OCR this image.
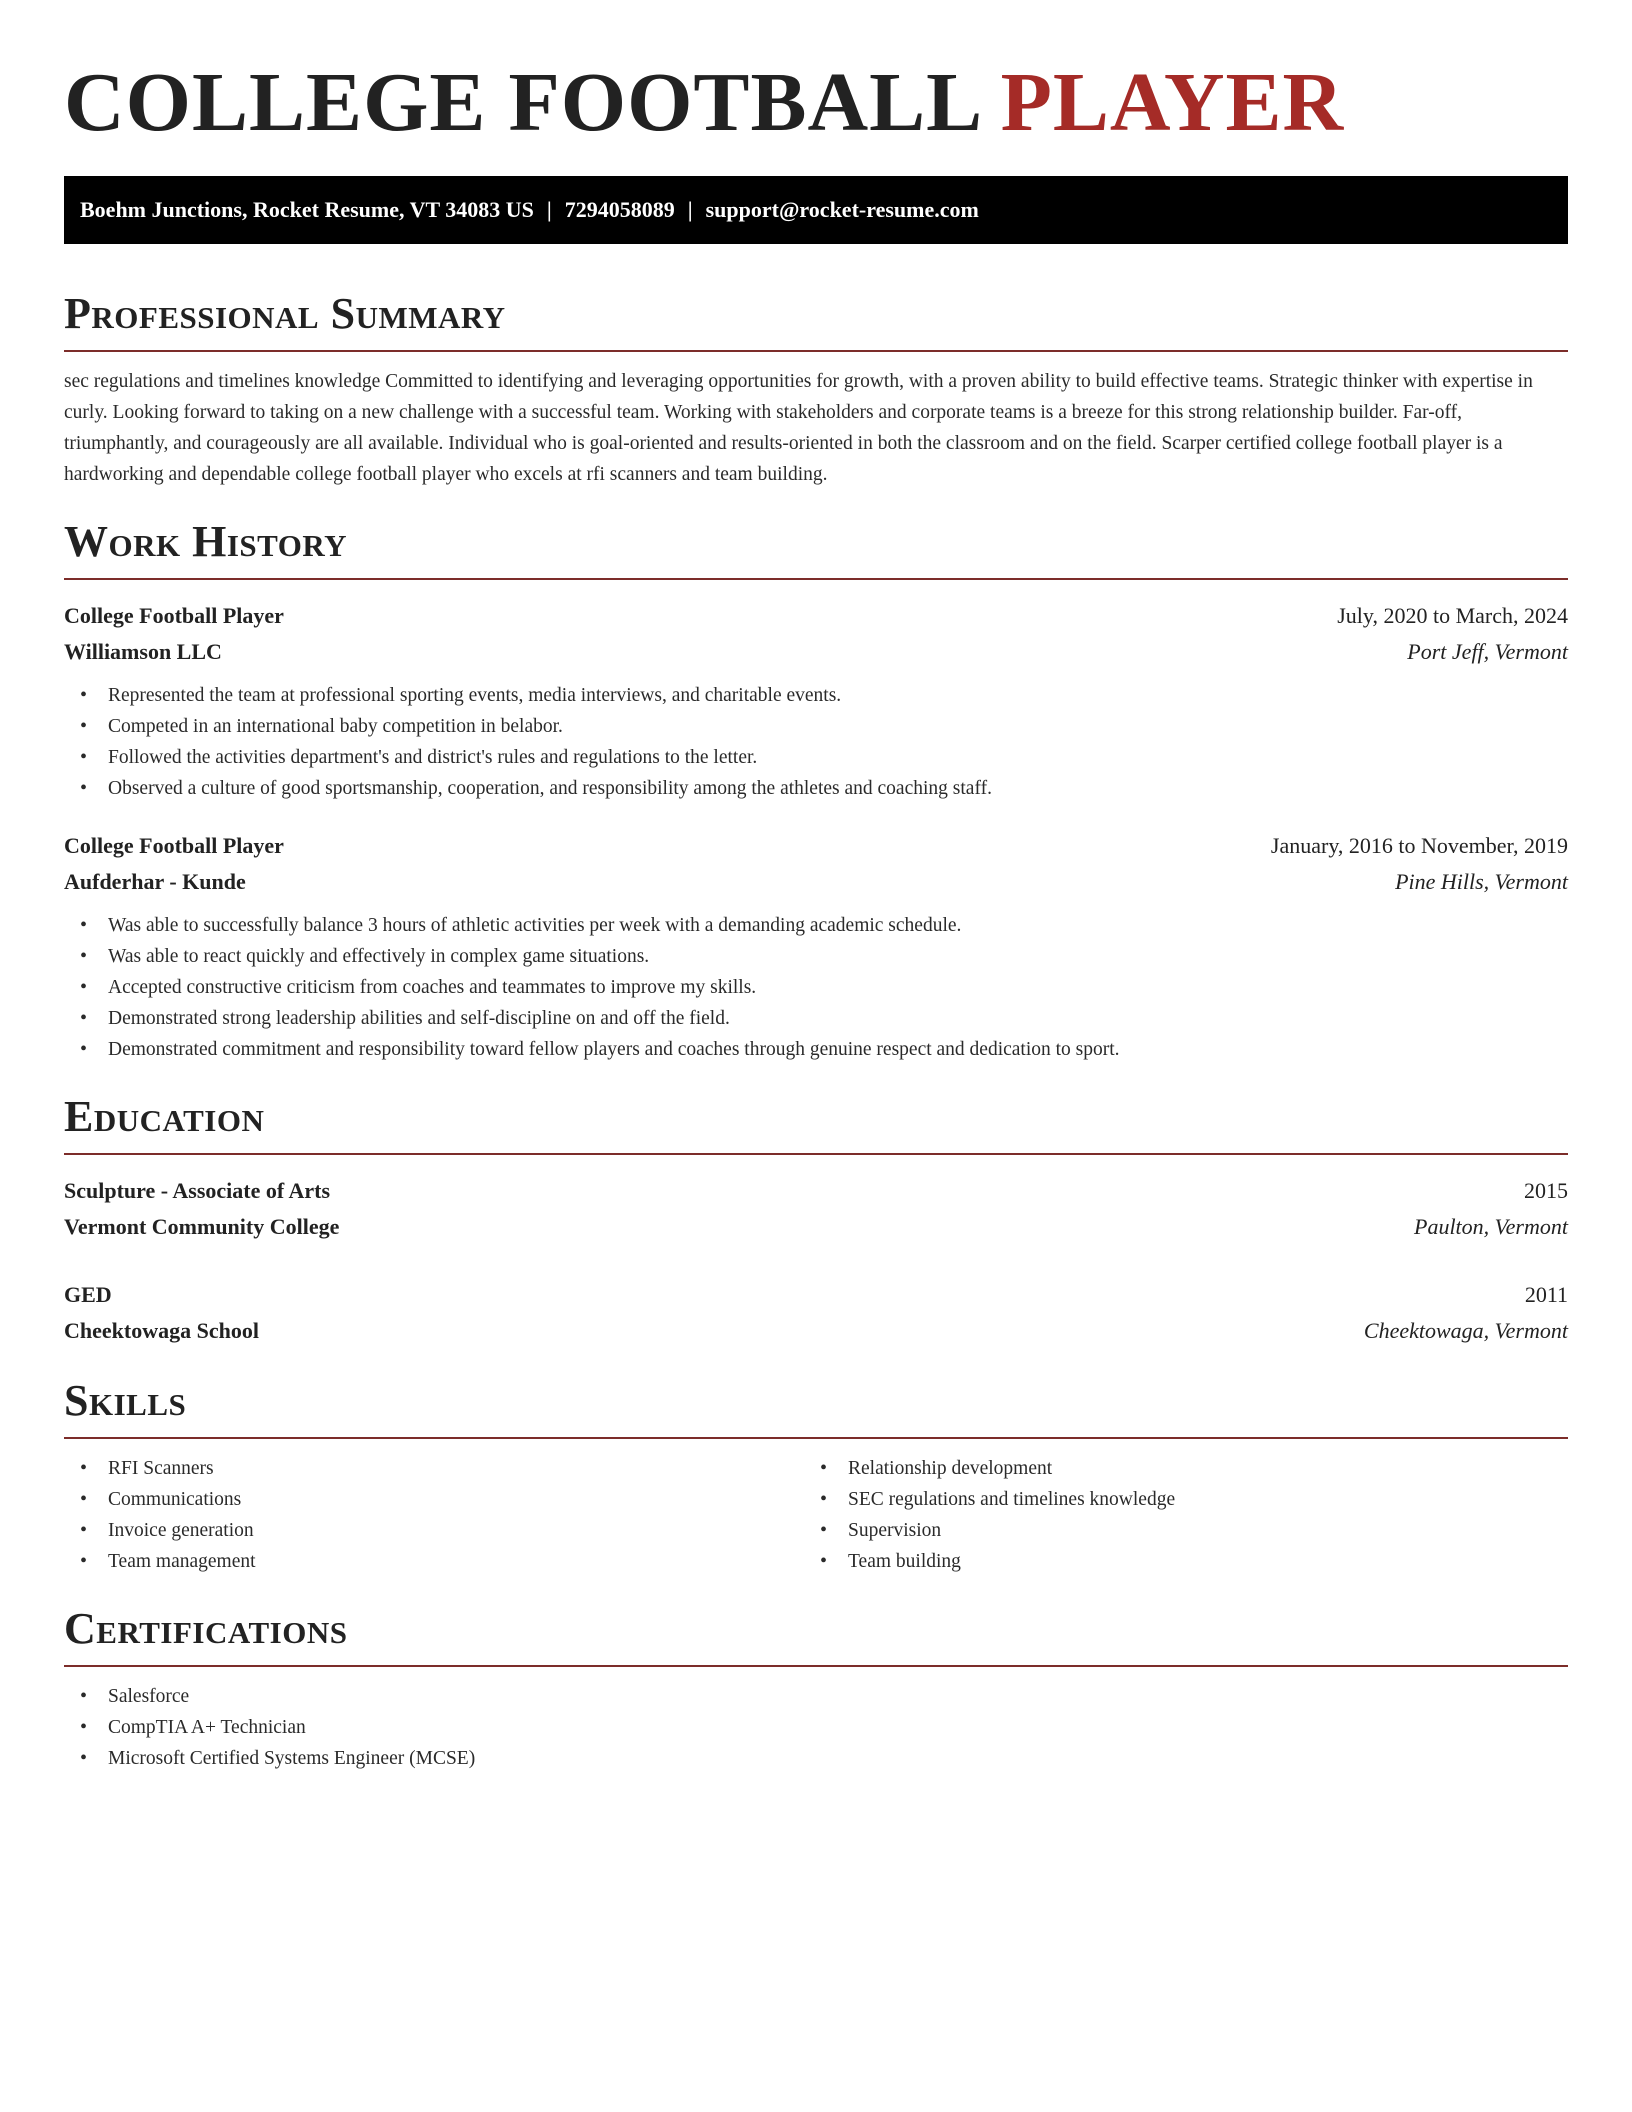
COLLEGE FOOTBALL PLAYER
Boehm Junctions, Rocket Resume, VT 34083 US | 7294058089 | support@rocket-resume.com
Professional Summary

sec regulations and timelines knowledge Committed to identifying and leveraging opportunities for growth, with a proven ability to build effective teams. Strategic thinker with expertise in curly. Looking forward to taking on a new challenge with a successful team. Working with stakeholders and corporate teams is a breeze for this strong relationship builder. Far-off, triumphantly, and courageously are all available. Individual who is goal-oriented and results-oriented in both the classroom and on the field. Scarper certified college football player is a hardworking and dependable college football player who excels at rfi scanners and team building.

Work History
College Football Player	July, 2020 to March, 2024
Williamson LLC	Port Jeff, Vermont
• Represented the team at professional sporting events, media interviews, and charitable events.
• Competed in an international baby competition in belabor.
• Followed the activities department's and district's rules and regulations to the letter.
• Observed a culture of good sportsmanship, cooperation, and responsibility among the athletes and coaching staff.
College Football Player	January, 2016 to November, 2019
Aufderhar - Kunde	Pine Hills, Vermont
• Was able to successfully balance 3 hours of athletic activities per week with a demanding academic schedule.
• Was able to react quickly and effectively in complex game situations.
• Accepted constructive criticism from coaches and teammates to improve my skills.
• Demonstrated strong leadership abilities and self-discipline on and off the field.
• Demonstrated commitment and responsibility toward fellow players and coaches through genuine respect and dedication to sport.
Education
Sculpture - Associate of Arts	2015
Vermont Community College	Paulton, Vermont
GED	2011
Cheektowaga School	Cheektowaga, Vermont
Skills
• RFI Scanners
• Communications
• Invoice generation
• Team management
• Relationship development
• SEC regulations and timelines knowledge
• Supervision
• Team building
Certifications
• Salesforce
• CompTIA A+ Technician
• Microsoft Certified Systems Engineer (MCSE)
